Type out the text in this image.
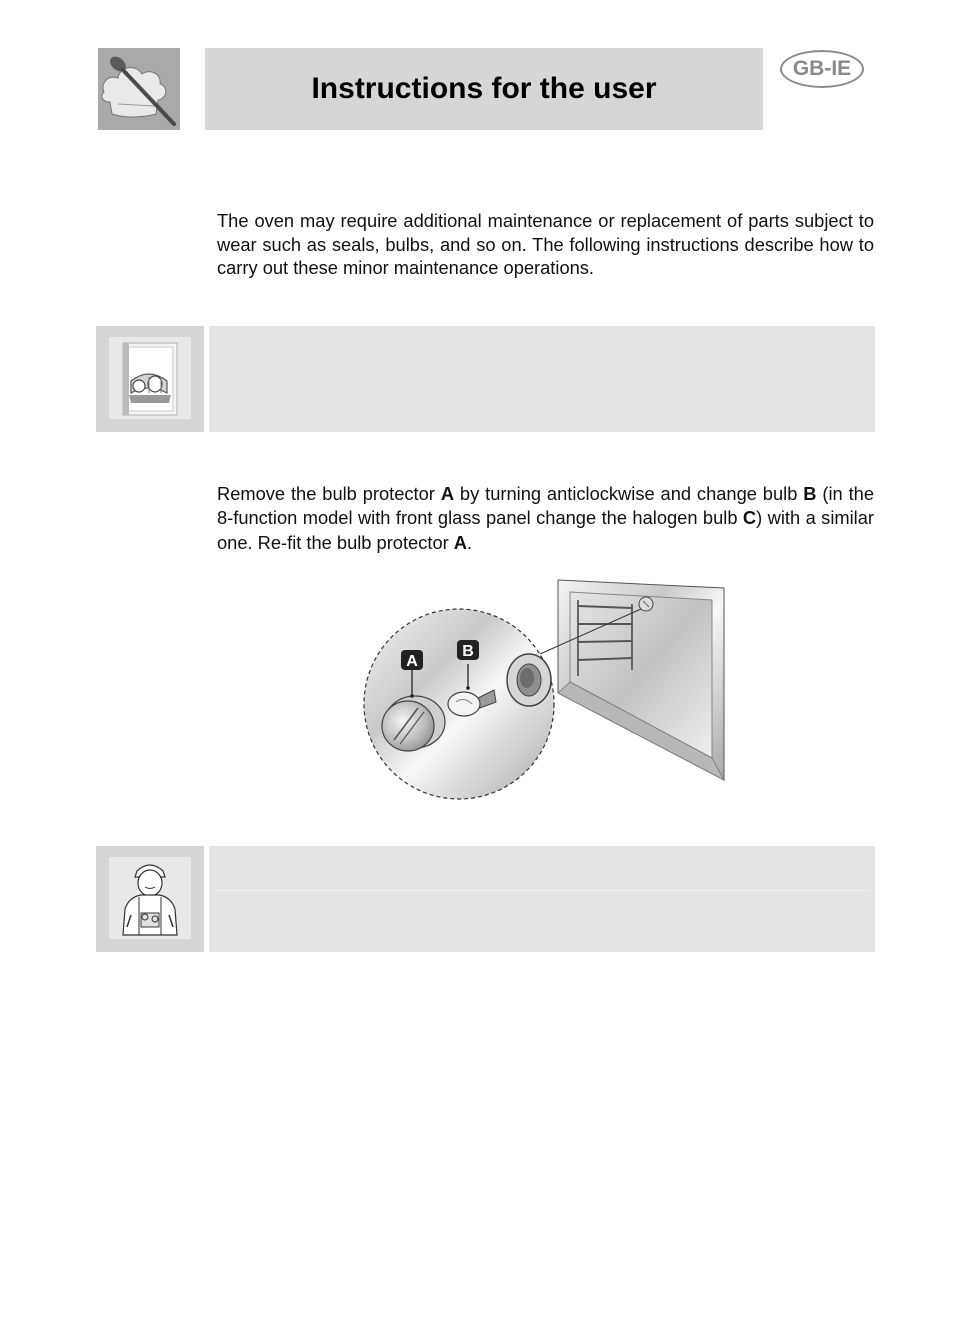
Instructions for the user
GB-IE
The oven may require additional maintenance or replacement of parts subject to wear such as seals, bulbs, and so on. The following instructions describe how to carry out these minor maintenance operations.
Remove the bulb protector A by turning anticlockwise and change bulb B (in the 8-function model with front glass panel change the halogen bulb C) with a similar one. Re-fit the bulb protector A.
A
B
